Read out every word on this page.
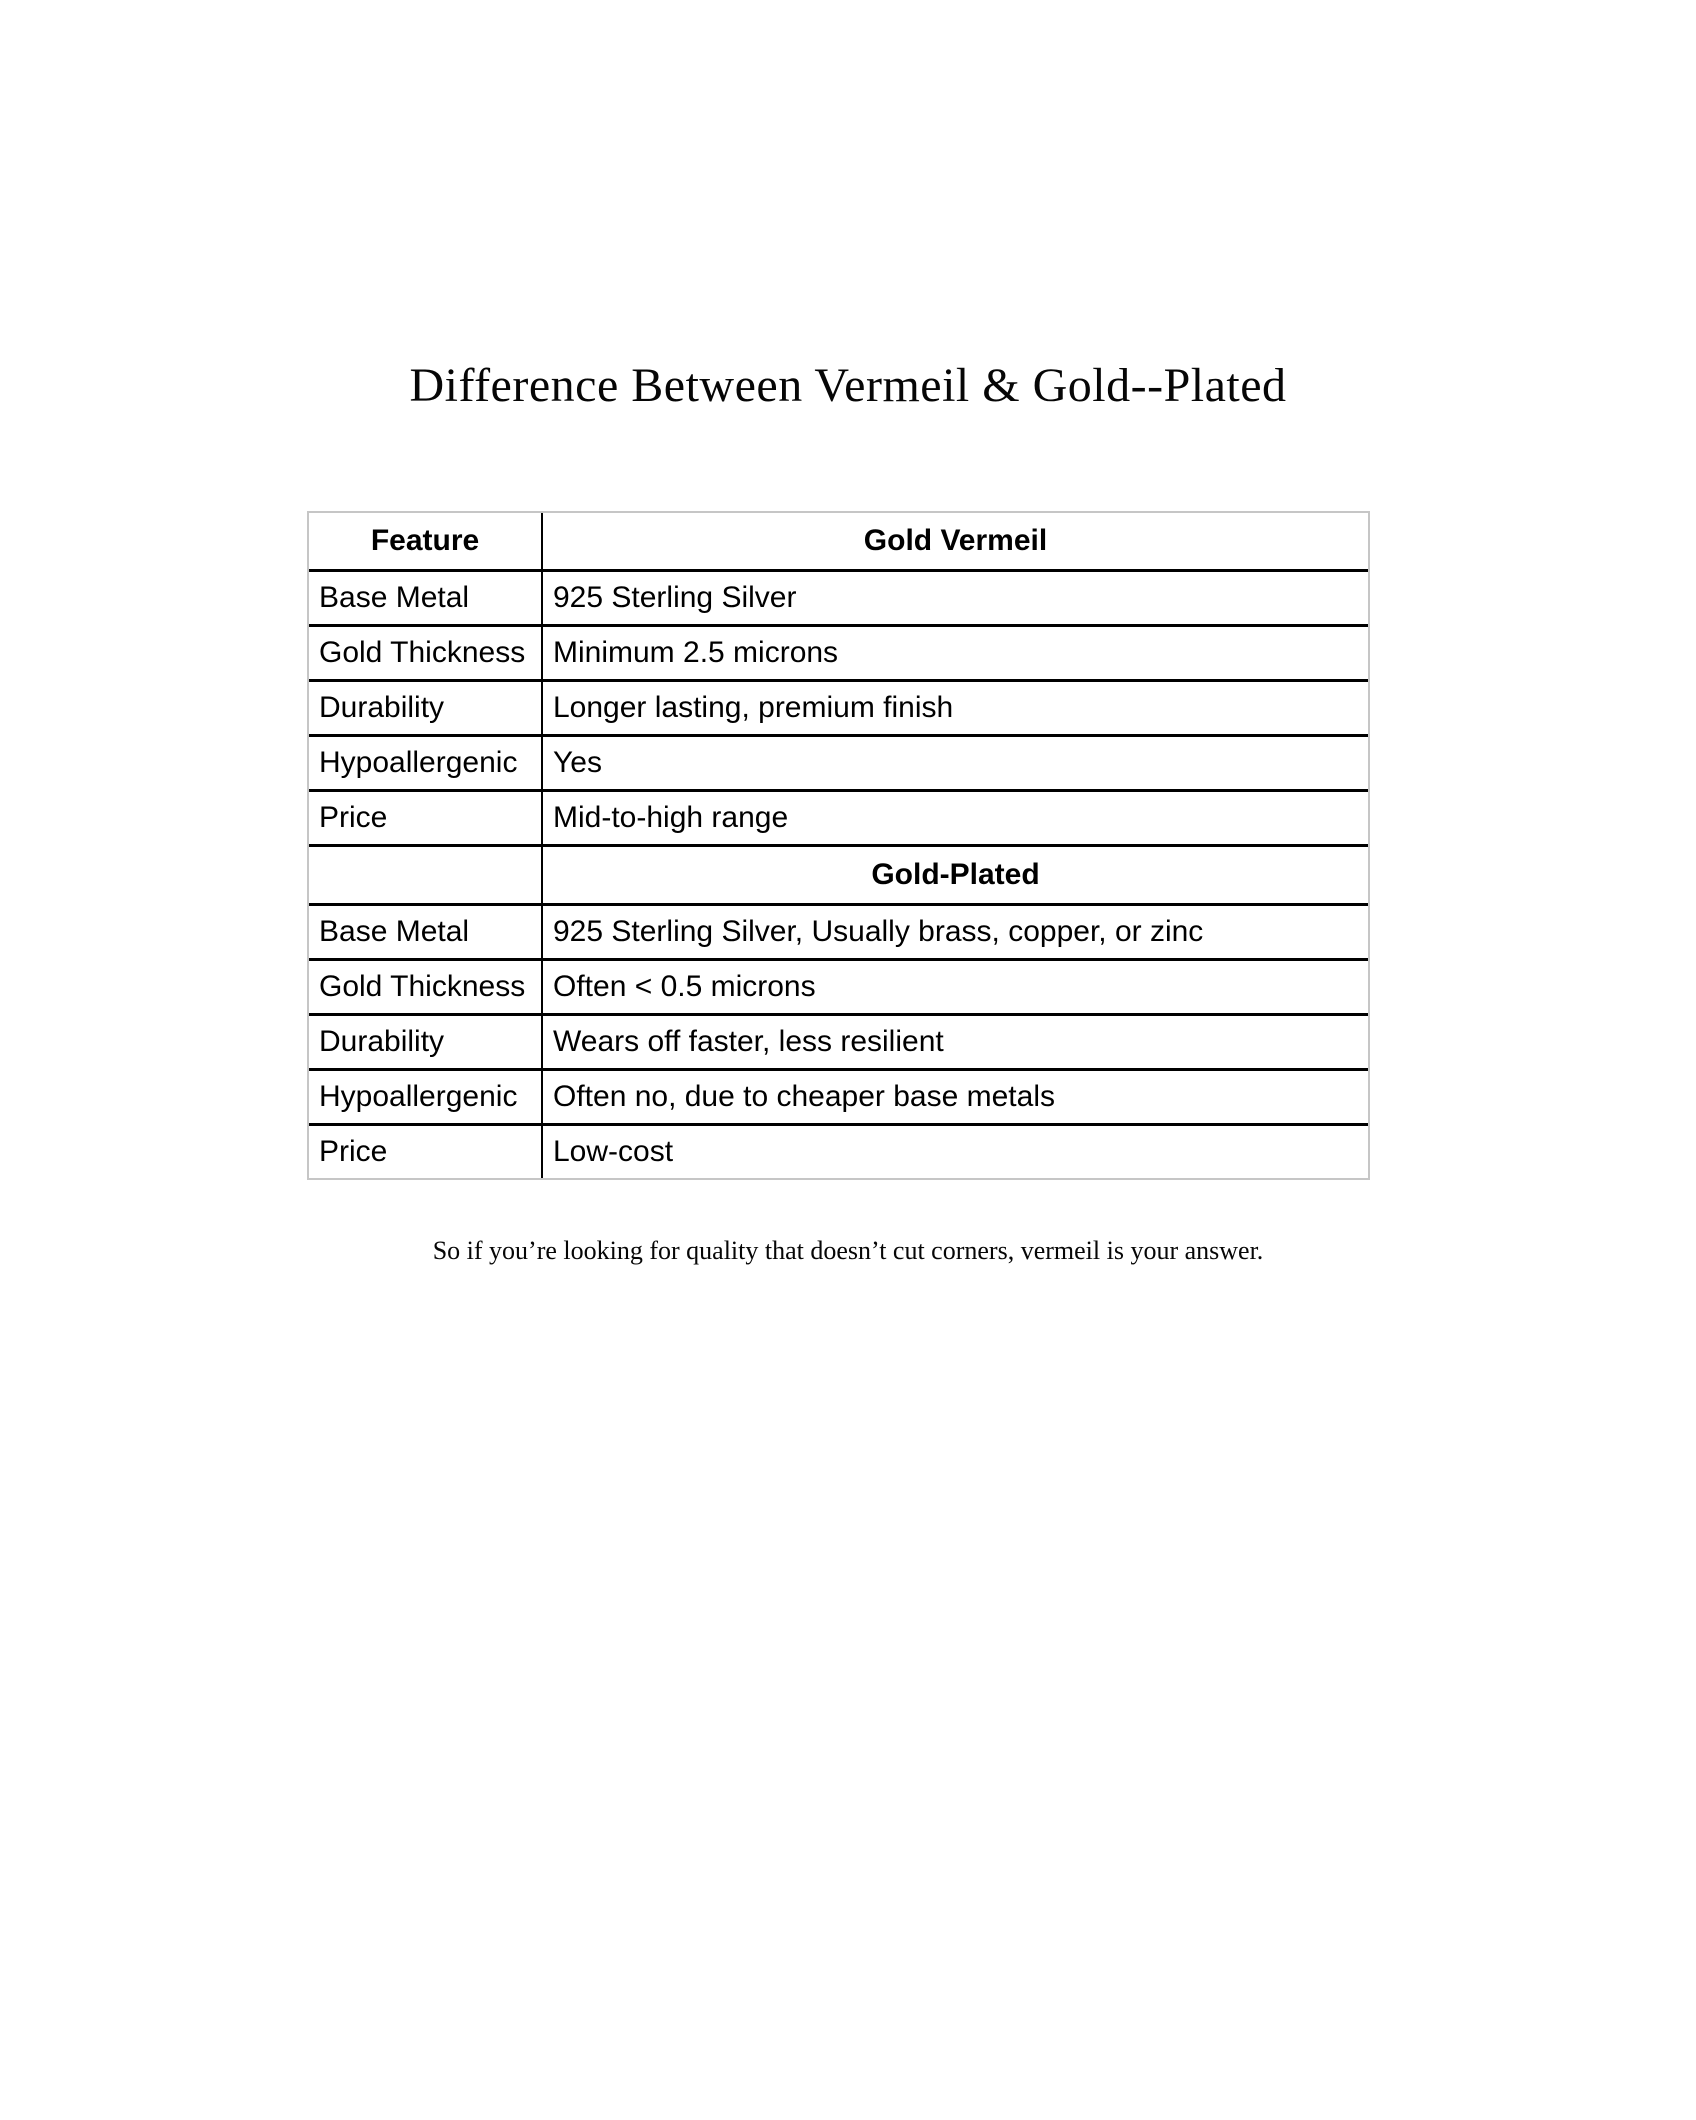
Difference Between Vermeil & Gold--Plated
Feature	Gold Vermeil
Base Metal	925 Sterling Silver
Gold Thickness	Minimum 2.5 microns
Durability	Longer lasting, premium finish
Hypoallergenic	Yes
Price	Mid-to-high range
	Gold-Plated
Base Metal	925 Sterling Silver, Usually brass, copper, or zinc
Gold Thickness	Often < 0.5 microns
Durability	Wears off faster, less resilient
Hypoallergenic	Often no, due to cheaper base metals
Price	Low-cost

So if you’re looking for quality that doesn’t cut corners, vermeil is your answer.
